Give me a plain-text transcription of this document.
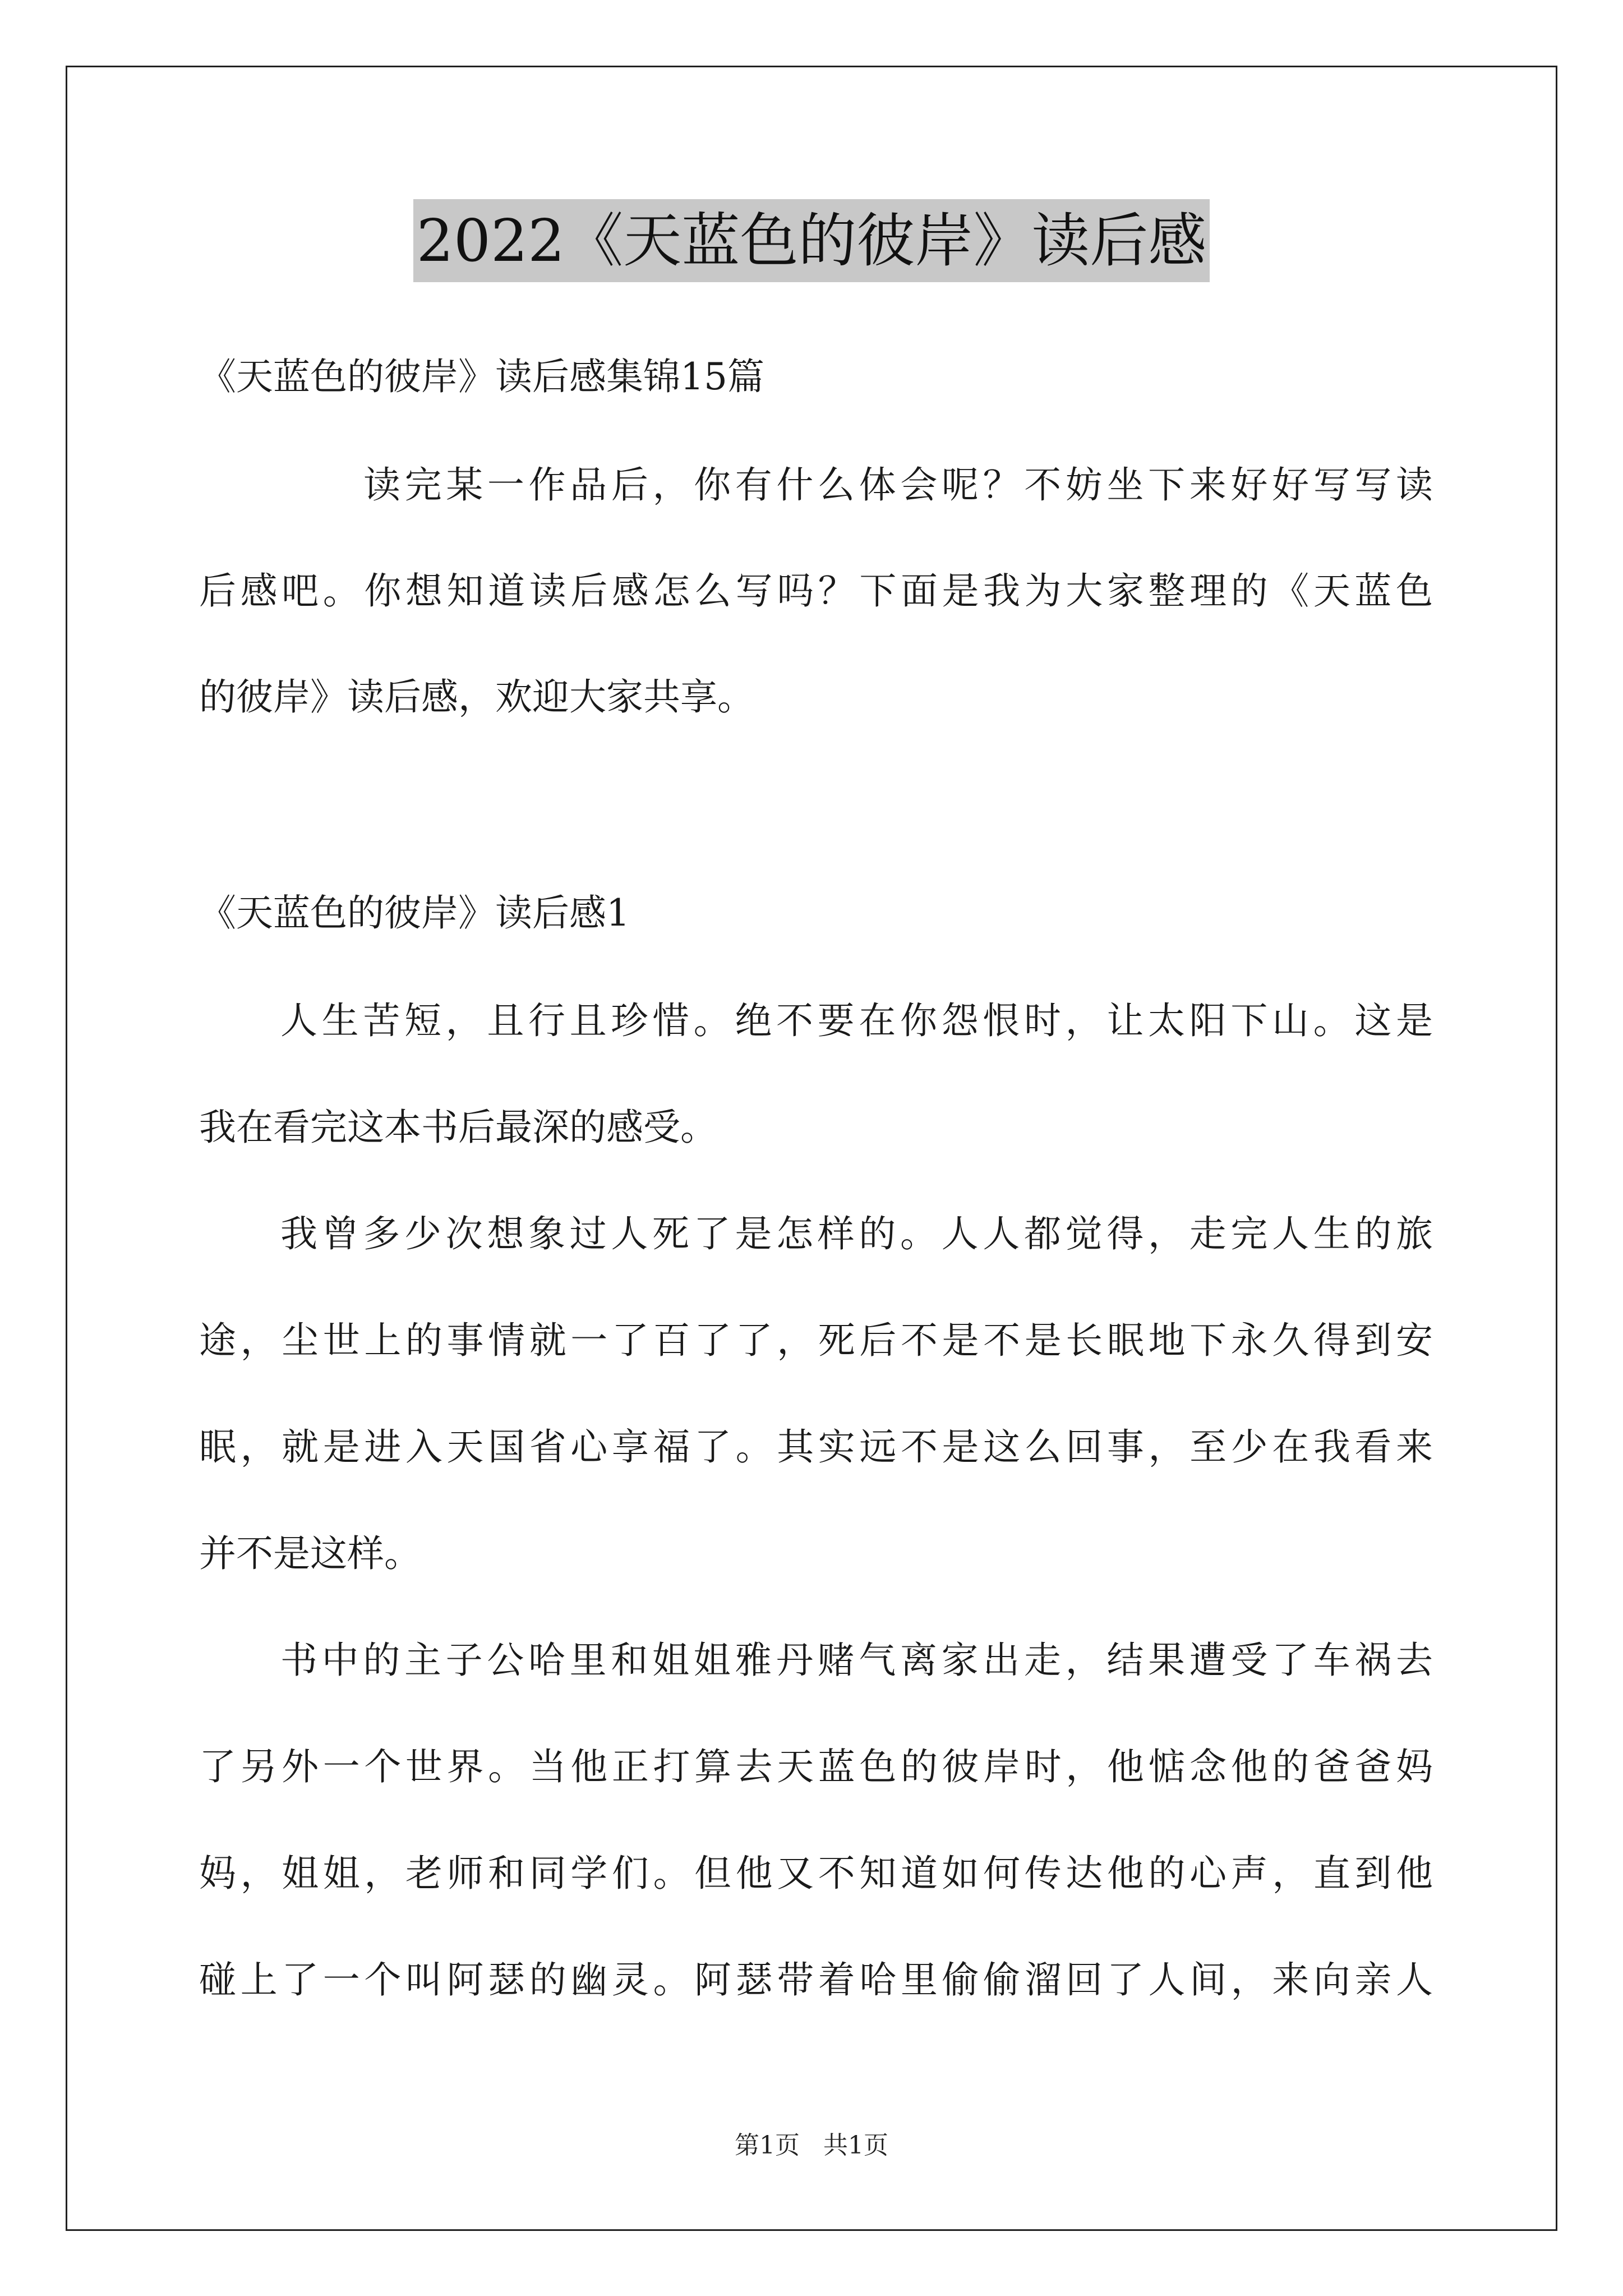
2022《天蓝色的彼岸》读后感
《天蓝色的彼岸》读后感集锦15篇
读完某一作品后，你有什么体会呢？不妨坐下来好好写写读
后感吧。你想知道读后感怎么写吗？下面是我为大家整理的《天蓝色
的彼岸》读后感，欢迎大家共享。
《天蓝色的彼岸》读后感1
人生苦短，且行且珍惜。绝不要在你怨恨时，让太阳下山。这是
我在看完这本书后最深的感受。
我曾多少次想象过人死了是怎样的。人人都觉得，走完人生的旅
途，尘世上的事情就一了百了了，死后不是不是长眠地下永久得到安
眠，就是进入天国省心享福了。其实远不是这么回事，至少在我看来
并不是这样。
书中的主子公哈里和姐姐雅丹赌气离家出走，结果遭受了车祸去
了另外一个世界。当他正打算去天蓝色的彼岸时，他惦念他的爸爸妈
妈，姐姐，老师和同学们。但他又不知道如何传达他的心声，直到他
碰上了一个叫阿瑟的幽灵。阿瑟带着哈里偷偷溜回了人间，来向亲人
第1页 共1页
